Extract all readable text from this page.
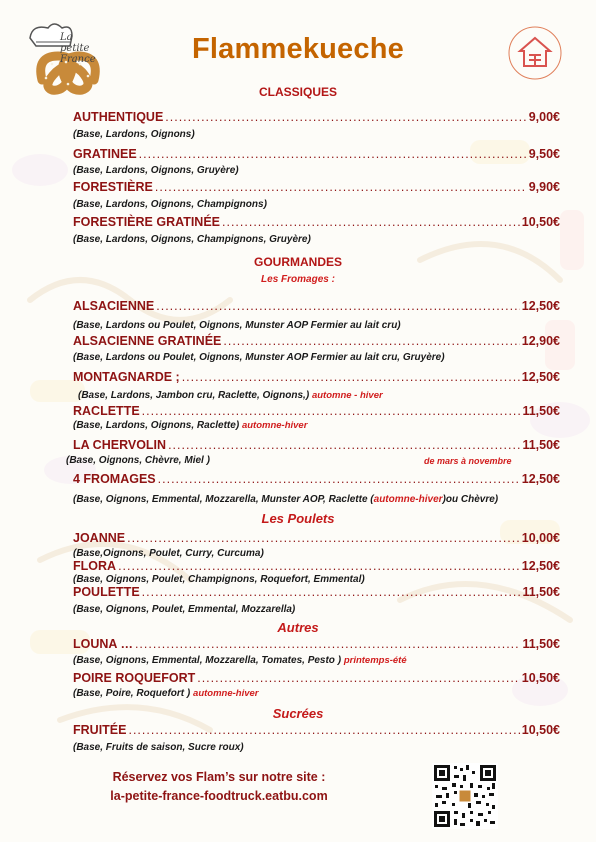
La
petite France	Flammekueche
CLASSIQUES
AUTHENTIQUE .....	9,00€
(Base, Lardons, Oignons)
GRATINEE .....	9,50€
(Base, Lardons, Oignons, Gruyère)
FORESTIÈRE .....	9,90€
(Base, Lardons, Oignons, Champignons)
FORESTIÈRE GRATINÉE .....	10,50€
(Base, Lardons, Oignons, Champignons, Gruyère)
GOURMANDES
Les Fromages :
ALSACIENNE .....	12,50€
(Base, Lardons ou Poulet, Oignons, Munster AOP Fermier au lait cru)
ALSACIENNE GRATINÉE .....	12,90€
(Base, Lardons ou Poulet, Oignons, Munster AOP Fermier au lait cru, Gruyère)
MONTAGNARDE ; .....	12,50€
(Base, Lardons, Jambon cru, Raclette, Oignons,) automne - hiver
RACLETTE .....	11,50€
(Base, Lardons, Oignons, Raclette) automne-hiver
LA CHERVOLIN .....	11,50€
(Base, Oignons, Chèvre, Miel )	de mars à novembre
4 FROMAGES .....	12,50€
(Base, Oignons, Emmental, Mozzarella, Munster AOP, Raclette (automne-hiver)ou Chèvre)
Les Poulets
JOANNE .....	10,00€
(Base,Oignons, Poulet, Curry, Curcuma)
FLORA .....	12,50€
(Base, Oignons, Poulet, Champignons, Roquefort, Emmental)
POULETTE .....	11,50€
(Base, Oignons, Poulet, Emmental, Mozzarella)
Autres
LOUNA … .....	11,50€
(Base, Oignons, Emmental, Mozzarella, Tomates, Pesto ) printemps-été
POIRE ROQUEFORT .....	10,50€
(Base, Poire, Roquefort ) automne-hiver
Sucrées
FRUITÉE .....	10,50€
(Base, Fruits de saison, Sucre roux)
Réservez vos Flam’s sur notre site :
la-petite-france-foodtruck.eatbu.com
